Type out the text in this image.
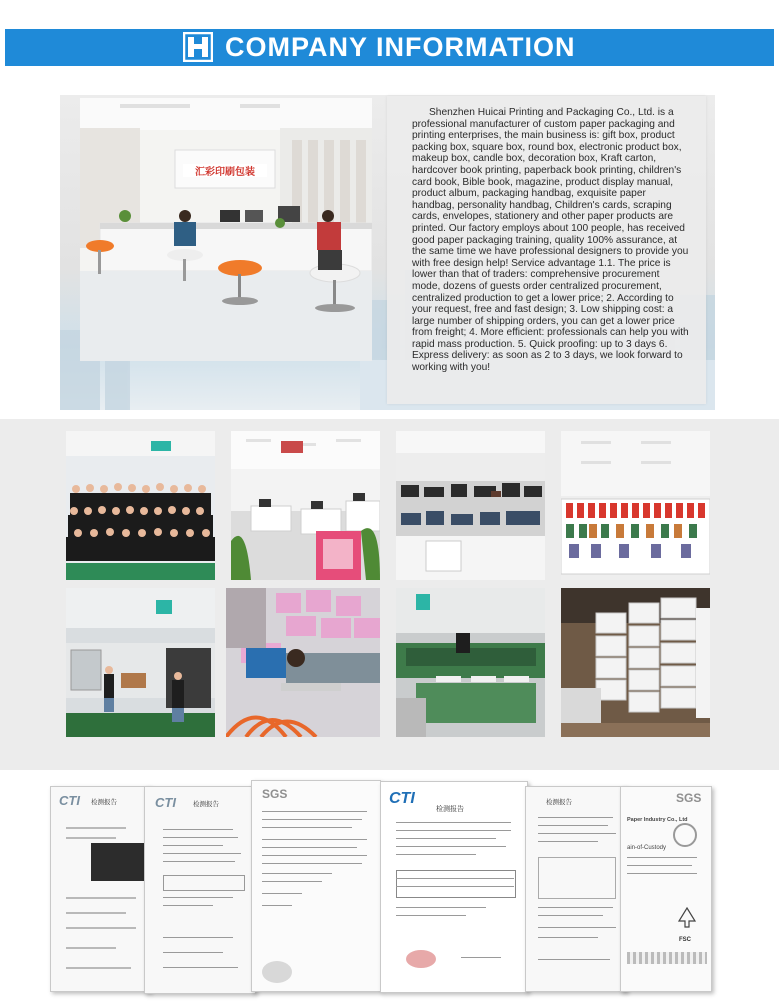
COMPANY INFORMATION
汇彩印刷包装
Shenzhen Huicai Printing and Packaging Co., Ltd. is a professional manufacturer of custom paper packaging and printing enterprises, the main business is: gift box, product packing box, square box, round box, electronic product box, makeup box, candle box, decoration box, Kraft carton, hardcover book printing, paperback book printing, children's card book, Bible book, magazine, product display manual, product album, packaging handbag, exquisite paper handbag, personality handbag, Children's cards, scraping cards, envelopes, stationery and other paper products are printed. Our factory employs about 100 people, has received good paper packaging training, quality 100% assurance, at the same time we have professional designers to provide you with free design help! Service advantage 1.1. The price is lower than that of traders: comprehensive procurement mode, dozens of guests order centralized procurement, centralized production to get a lower price; 2. According to your request, free and fast design; 3. Low shipping cost: a large number of shipping orders, you can get a lower price from freight; 4. More efficient: professionals can help you with rapid mass production. 5. Quick proofing: up to 3 days 6. Express delivery: as soon as 2 to 3 days, we look forward to working with you!
CTI 检测报告	CTI	检测报告
SGS	CTI
检测报告
检测报告	SGS
Paper Industry Co., Ltd
ain-of-Custody
FSC
